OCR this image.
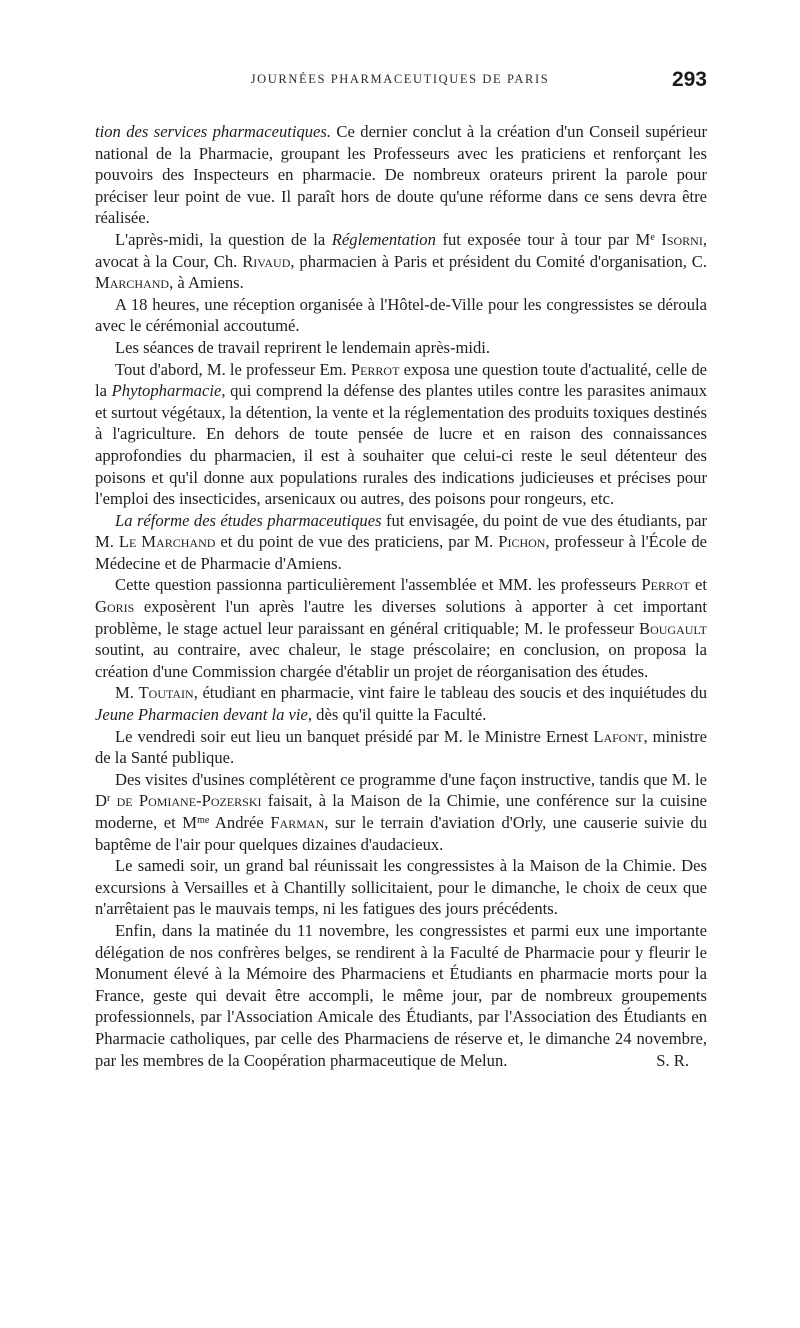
JOURNÉES PHARMACEUTIQUES DE PARIS	293

tion des services pharmaceutiques. Ce dernier conclut à la création d'un Conseil supérieur national de la Pharmacie, groupant les Professeurs avec les praticiens et renforçant les pouvoirs des Inspecteurs en pharmacie. De nombreux orateurs prirent la parole pour préciser leur point de vue. Il paraît hors de doute qu'une réforme dans ce sens devra être réalisée.

L'après-midi, la question de la Réglementation fut exposée tour à tour par Me Isorni, avocat à la Cour, Ch. Rivaud, pharmacien à Paris et président du Comité d'organisation, C. Marchand, à Amiens.

A 18 heures, une réception organisée à l'Hôtel-de-Ville pour les congressistes se déroula avec le cérémonial accoutumé.

Les séances de travail reprirent le lendemain après-midi.

Tout d'abord, M. le professeur Em. Perrot exposa une question toute d'actualité, celle de la Phytopharmacie, qui comprend la défense des plantes utiles contre les parasites animaux et surtout végétaux, la détention, la vente et la réglementation des produits toxiques destinés à l'agriculture. En dehors de toute pensée de lucre et en raison des connaissances approfondies du pharmacien, il est à souhaiter que celui-ci reste le seul détenteur des poisons et qu'il donne aux populations rurales des indications judicieuses et précises pour l'emploi des insecticides, arsenicaux ou autres, des poisons pour rongeurs, etc.

La réforme des études pharmaceutiques fut envisagée, du point de vue des étudiants, par M. Le Marchand et du point de vue des praticiens, par M. Pichon, professeur à l'École de Médecine et de Pharmacie d'Amiens.

Cette question passionna particulièrement l'assemblée et MM. les professeurs Perrot et Goris exposèrent l'un après l'autre les diverses solutions à apporter à cet important problème, le stage actuel leur paraissant en général critiquable; M. le professeur Bougault soutint, au contraire, avec chaleur, le stage préscolaire; en conclusion, on proposa la création d'une Commission chargée d'établir un projet de réorganisation des études.

M. Toutain, étudiant en pharmacie, vint faire le tableau des soucis et des inquiétudes du Jeune Pharmacien devant la vie, dès qu'il quitte la Faculté.

Le vendredi soir eut lieu un banquet présidé par M. le Ministre Ernest Lafont, ministre de la Santé publique.

Des visites d'usines complétèrent ce programme d'une façon instructive, tandis que M. le $D^r$ de Pomiane-Pozerski faisait, à la Maison de la Chimie, une conférence sur la cuisine moderne, et $M^{me}$ Andrée Farman, sur le terrain d'aviation d'Orly, une causerie suivie du baptême de l'air pour quelques dizaines d'audacieux.

Le samedi soir, un grand bal réunissait les congressistes à la Maison de la Chimie. Des excursions à Versailles et à Chantilly sollicitaient, pour le dimanche, le choix de ceux que n'arrêtaient pas le mauvais temps, ni les fatigues des jours précédents.

Enfin, dans la matinée du 11 novembre, les congressistes et parmi eux une importante délégation de nos confrères belges, se rendirent à la Faculté de Pharmacie pour y fleurir le Monument élevé à la Mémoire des Pharmaciens et Étudiants en pharmacie morts pour la France, geste qui devait être accompli, le même jour, par de nombreux groupements professionnels, par l'Association Amicale des Étudiants, par l'Association des Étudiants en Pharmacie catholiques, par celle des Pharmaciens de réserve et, le dimanche 24 novembre, par les membres de la Coopération pharmaceutique de Melun.	S. R.
